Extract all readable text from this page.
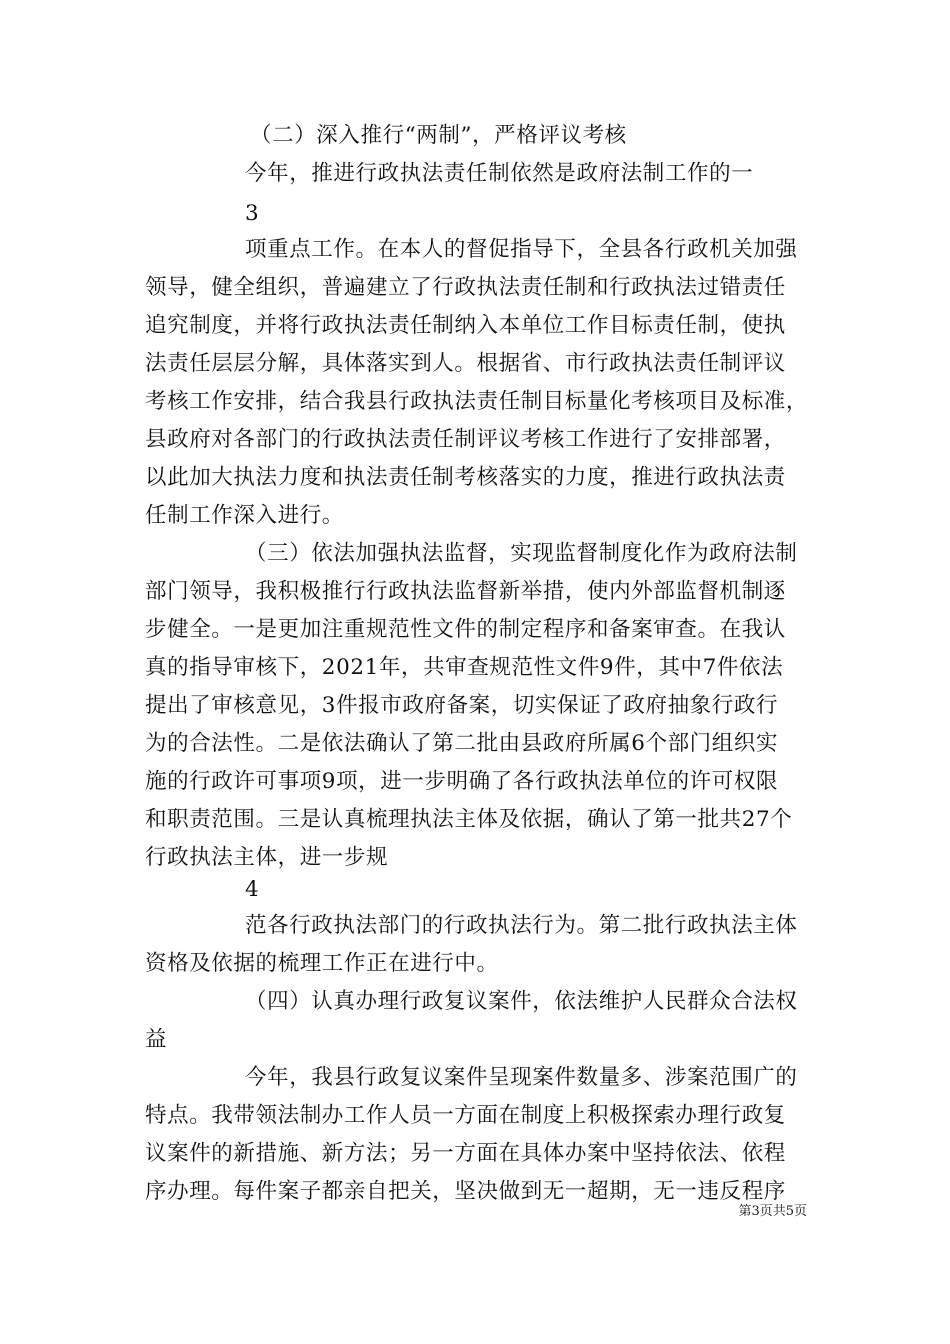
（二）深入推行“两制”，严格评议考核
今年，推进行政执法责任制依然是政府法制工作的一
3
项重点工作。在本人的督促指导下，全县各行政机关加强
领导，健全组织，普遍建立了行政执法责任制和行政执法过错责任
追究制度，并将行政执法责任制纳入本单位工作目标责任制，使执
法责任层层分解，具体落实到人。根据省、市行政执法责任制评议
考核工作安排，结合我县行政执法责任制目标量化考核项目及标准，
县政府对各部门的行政执法责任制评议考核工作进行了安排部署，
以此加大执法力度和执法责任制考核落实的力度，推进行政执法责
任制工作深入进行。
（三）依法加强执法监督，实现监督制度化作为政府法制
部门领导，我积极推行行政执法监督新举措，使内外部监督机制逐
步健全。一是更加注重规范性文件的制定程序和备案审查。在我认
真的指导审核下，2021年，共审查规范性文件9件，其中7件依法
提出了审核意见，3件报市政府备案，切实保证了政府抽象行政行
为的合法性。二是依法确认了第二批由县政府所属6个部门组织实
施的行政许可事项9项，进一步明确了各行政执法单位的许可权限
和职责范围。三是认真梳理执法主体及依据，确认了第一批共27个
行政执法主体，进一步规
4
范各行政执法部门的行政执法行为。第二批行政执法主体
资格及依据的梳理工作正在进行中。
（四）认真办理行政复议案件，依法维护人民群众合法权
益
今年，我县行政复议案件呈现案件数量多、涉案范围广的
特点。我带领法制办工作人员一方面在制度上积极探索办理行政复
议案件的新措施、新方法；另一方面在具体办案中坚持依法、依程
序办理。每件案子都亲自把关，坚决做到无一超期，无一违反程序
第3页共5页
